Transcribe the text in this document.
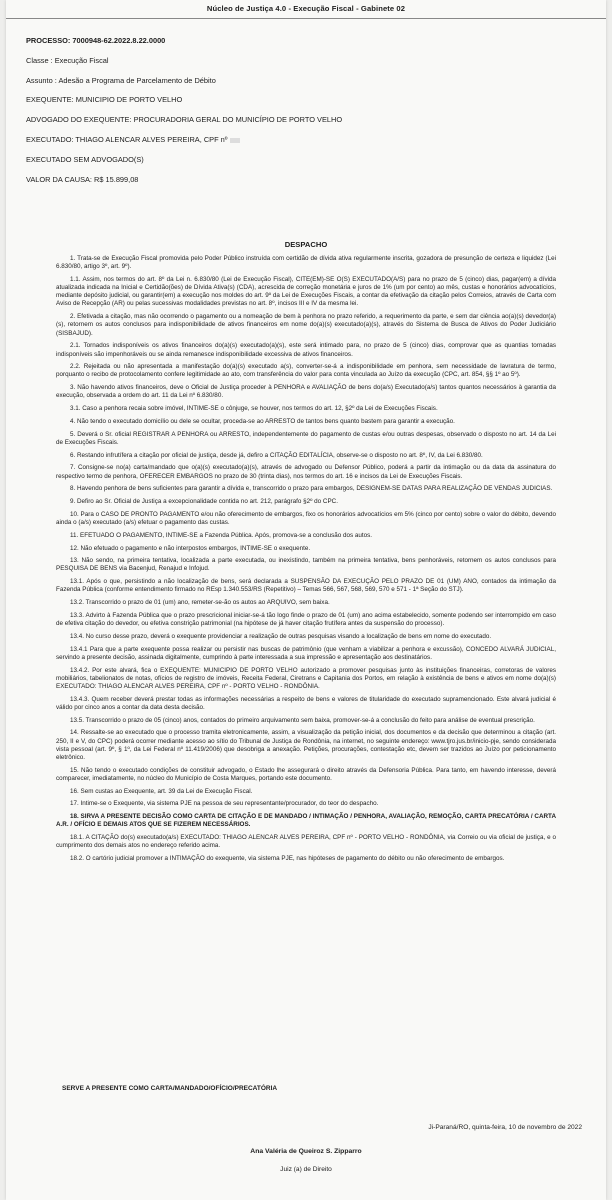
Núcleo de Justiça 4.0 - Execução Fiscal - Gabinete 02
PROCESSO: 7000948-62.2022.8.22.0000
Classe : Execução Fiscal
Assunto : Adesão a Programa de Parcelamento de Débito
EXEQUENTE: MUNICIPIO DE PORTO VELHO
ADVOGADO DO EXEQUENTE: PROCURADORIA GERAL DO MUNICÍPIO DE PORTO VELHO
EXECUTADO: THIAGO ALENCAR ALVES PEREIRA, CPF nº
EXECUTADO SEM ADVOGADO(S)
VALOR DA CAUSA: R$ 15.899,08
DESPACHO

1. Trata-se de Execução Fiscal promovida pelo Poder Público instruída com certidão de dívida ativa regularmente inscrita, gozadora de presunção de certeza e liquidez (Lei 6.830/80, artigo 3º, art. 9º).

1.1. Assim, nos termos do art. 8º da Lei n. 6.830/80 (Lei de Execução Fiscal), CITE(EM)-SE O(S) EXECUTADO(A/S) para no prazo de 5 (cinco) dias, pagar(em) a dívida atualizada indicada na Inicial e Certidão(ões) de Dívida Ativa(s) (CDA), acrescida de correção monetária e juros de 1% (um por cento) ao mês, custas e honorários advocatícios, mediante depósito judicial, ou garantir(em) a execução nos moldes do art. 9º da Lei de Execuções Fiscais, a contar da efetivação da citação pelos Correios, através de Carta com Aviso de Recepção (AR) ou pelas sucessivas modalidades previstas no art. 8º, incisos III e IV da mesma lei.

2. Efetivada a citação, mas não ocorrendo o pagamento ou a nomeação de bem à penhora no prazo referido, a requerimento da parte, e sem dar ciência ao(a)(s) devedor(a)(s), retornem os autos conclusos para indisponibilidade de ativos financeiros em nome do(a)(s) executado(a)(s), através do Sistema de Busca de Ativos do Poder Judiciário (SISBAJUD).

2.1. Tornados indisponíveis os ativos financeiros do(a)(s) executado(a)(s), este será intimado para, no prazo de 5 (cinco) dias, comprovar que as quantias tornadas indisponíveis são impenhoráveis ou se ainda remanesce indisponibilidade excessiva de ativos financeiros.

2.2. Rejeitada ou não apresentada a manifestação do(a)(s) executado a(s), converter-se-á a indisponibilidade em penhora, sem necessidade de lavratura de termo, porquanto o recibo de protocolamento confere legitimidade ao ato, com transferência do valor para conta vinculada ao Juízo da execução (CPC, art. 854, §§ 1º ao 5º).

3. Não havendo ativos financeiros, deve o Oficial de Justiça proceder à PENHORA e AVALIAÇÃO de bens do(a/s) Executado(a/s) tantos quantos necessários à garantia da execução, observada a ordem do art. 11 da Lei nº 6.830/80.

3.1. Caso a penhora recaia sobre imóvel, INTIME-SE o cônjuge, se houver, nos termos do art. 12, §2º da Lei de Execuções Fiscais.

4. Não tendo o executado domicílio ou dele se ocultar, proceda-se ao ARRESTO de tantos bens quanto bastem para garantir a execução.

5. Deverá o Sr. oficial REGISTRAR A PENHORA ou ARRESTO, independentemente do pagamento de custas e/ou outras despesas, observado o disposto no art. 14 da Lei de Execuções Fiscais.

6. Restando infrutífera a citação por oficial de justiça, desde já, defiro a CITAÇÃO EDITALÍCIA, observe-se o disposto no art. 8º, IV, da Lei 6.830/80.

7. Consigne-se no(a) carta/mandado que o(a)(s) executado(a)(s), através de advogado ou Defensor Público, poderá a partir da intimação ou da data da assinatura do respectivo termo de penhora, OFERECER EMBARGOS no prazo de 30 (trinta dias), nos termos do art. 16 e incisos da Lei de Execuções Fiscais.

8. Havendo penhora de bens suficientes para garantir a dívida e, transcorrido o prazo para embargos, DESIGNEM-SE DATAS PARA REALIZAÇÃO DE VENDAS JUDICIAS.

9. Defiro ao Sr. Oficial de Justiça a excepcionalidade contida no art. 212, parágrafo §2º do CPC.

10. Para o CASO DE PRONTO PAGAMENTO e/ou não oferecimento de embargos, fixo os honorários advocatícios em 5% (cinco por cento) sobre o valor do débito, devendo ainda o (a/s) executado (a/s) efetuar o pagamento das custas.

11. EFETUADO O PAGAMENTO, INTIME-SE a Fazenda Pública. Após, promova-se a conclusão dos autos.

12. Não efetuado o pagamento e não interpostos embargos, INTIME-SE o exequente.

13. Não sendo, na primeira tentativa, localizada a parte executada, ou inexistindo, também na primeira tentativa, bens penhoráveis, retornem os autos conclusos para PESQUISA DE BENS via Bacenjud, Renajud e Infojud.

13.1. Após o que, persistindo a não localização de bens, será declarada a SUSPENSÃO DA EXECUÇÃO PELO PRAZO DE 01 (UM) ANO, contados da intimação da Fazenda Pública (conforme entendimento firmado no REsp 1.340.553/RS (Repetitivo) – Temas 566, 567, 568, 569, 570 e 571 - 1ª Seção do STJ).

13.2. Transcorrido o prazo de 01 (um) ano, remeter-se-ão os autos ao ARQUIVO, sem baixa.

13.3. Advirto à Fazenda Pública que o prazo prescricional iniciar-se-á tão logo finde o prazo de 01 (um) ano acima estabelecido, somente podendo ser interrompido em caso de efetiva citação do devedor, ou efetiva constrição patrimonial (na hipótese de já haver citação frutífera antes da suspensão do processo).

13.4. No curso desse prazo, deverá o exequente providenciar a realização de outras pesquisas visando a localização de bens em nome do executado.

13.4.1 Para que a parte exequente possa realizar ou persistir nas buscas de patrimônio (que venham a viabilizar a penhora e excussão), CONCEDO ALVARÁ JUDICIAL, servindo a presente decisão, assinada digitalmente, cumprindo à parte interessada a sua impressão e apresentação aos destinatários.

13.4.2. Por este alvará, fica o EXEQUENTE: MUNICIPIO DE PORTO VELHO autorizado a promover pesquisas junto às instituições financeiras, corretoras de valores mobiliários, tabelionatos de notas, ofícios de registro de imóveis, Receita Federal, Ciretrans e Capitania dos Portos, em relação à existência de bens e ativos em nome do(a)(s) EXECUTADO: THIAGO ALENCAR ALVES PEREIRA, CPF nº - PORTO VELHO - RONDÔNIA.

13.4.3. Quem receber deverá prestar todas as informações necessárias a respeito de bens e valores de titularidade do executado supramencionado. Este alvará judicial é válido por cinco anos a contar da data desta decisão.

13.5. Transcorrido o prazo de 05 (cinco) anos, contados do primeiro arquivamento sem baixa, promover-se-á a conclusão do feito para análise de eventual prescrição.

14. Ressalte-se ao executado que o processo tramita eletronicamente, assim, a visualização da petição inicial, dos documentos e da decisão que determinou a citação (art. 250, II e V, do CPC) poderá ocorrer mediante acesso ao sítio do Tribunal de Justiça de Rondônia, na internet, no seguinte endereço: www.tjro.jus.br/inicio-pje, sendo considerada vista pessoal (art. 9º, § 1º, da Lei Federal nº 11.419/2006) que desobriga a anexação. Petições, procurações, contestação etc, devem ser trazidos ao Juízo por peticionamento eletrônico.

15. Não tendo o executado condições de constituir advogado, o Estado lhe assegurará o direito através da Defensoria Pública. Para tanto, em havendo interesse, deverá comparecer, imediatamente, no núcleo do Município de Costa Marques, portando este documento.

16. Sem custas ao Exequente, art. 39 da Lei de Execução Fiscal.

17. Intime-se o Exequente, via sistema PJE na pessoa de seu representante/procurador, do teor do despacho.

18. SIRVA A PRESENTE DECISÃO COMO CARTA DE CITAÇÃO E DE MANDADO / INTIMAÇÃO / PENHORA, AVALIAÇÃO, REMOÇÃO, CARTA PRECATÓRIA / CARTA A.R. / OFÍCIO E DEMAIS ATOS QUE SE FIZEREM NECESSÁRIOS.

18.1. A CITAÇÃO do(s) executado(a/s) EXECUTADO: THIAGO ALENCAR ALVES PEREIRA, CPF nº - PORTO VELHO - RONDÔNIA, via Correio ou via oficial de justiça, e o cumprimento dos demais atos no endereço referido acima.

18.2. O cartório judicial promover a INTIMAÇÃO do exequente, via sistema PJE, nas hipóteses de pagamento do débito ou não oferecimento de embargos.

SERVE A PRESENTE COMO CARTA/MANDADO/OFÍCIO/PRECATÓRIA
Ji-Paraná/RO, quinta-feira, 10 de novembro de 2022
Ana Valéria de Queiroz S. Zipparro
Juiz (a) de Direito
